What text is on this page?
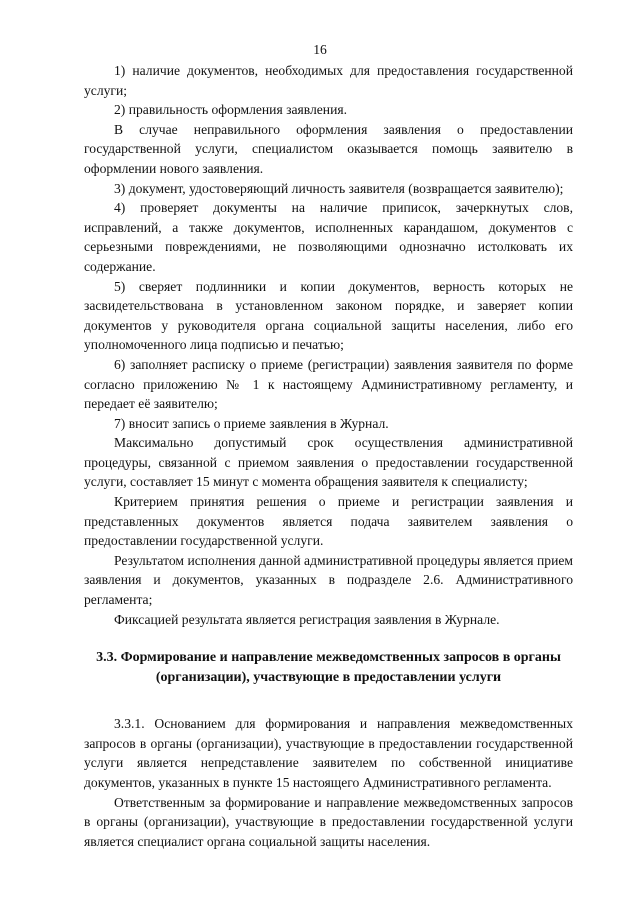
16

1) наличие документов, необходимых для предоставления государственной услуги;

2) правильность оформления заявления.

В случае неправильного оформления заявления о предоставлении государственной услуги, специалистом оказывается помощь заявителю в оформлении нового заявления.

3) документ, удостоверяющий личность заявителя (возвращается заявителю);

4) проверяет документы на наличие приписок, зачеркнутых слов, исправлений, а также документов, исполненных карандашом, документов с серьезными повреждениями, не позволяющими однозначно истолковать их содержание.

5) сверяет подлинники и копии документов, верность которых не засвидетельствована в установленном законом порядке, и заверяет копии документов у руководителя органа социальной защиты населения, либо его уполномоченного лица подписью и печатью;

6) заполняет расписку о приеме (регистрации) заявления заявителя по форме согласно приложению № 1 к настоящему Административному регламенту, и передает её заявителю;

7) вносит запись о приеме заявления в Журнал.

Максимально допустимый срок осуществления административной процедуры, связанной с приемом заявления о предоставлении государственной услуги, составляет 15 минут с момента обращения заявителя к специалисту;

Критерием принятия решения о приеме и регистрации заявления и представленных документов является подача заявителем заявления о предоставлении государственной услуги.

Результатом исполнения данной административной процедуры является прием заявления и документов, указанных в подразделе 2.6. Административного регламента;

Фиксацией результата является регистрация заявления в Журнале.

3.3. Формирование и направление межведомственных запросов в органы (организации), участвующие в предоставлении услуги

3.3.1. Основанием для формирования и направления межведомственных запросов в органы (организации), участвующие в предоставлении государственной услуги является непредставление заявителем по собственной инициативе документов, указанных в пункте 15 настоящего Административного регламента.

Ответственным за формирование и направление межведомственных запросов в органы (организации), участвующие в предоставлении государственной услуги является специалист органа социальной защиты населения.
